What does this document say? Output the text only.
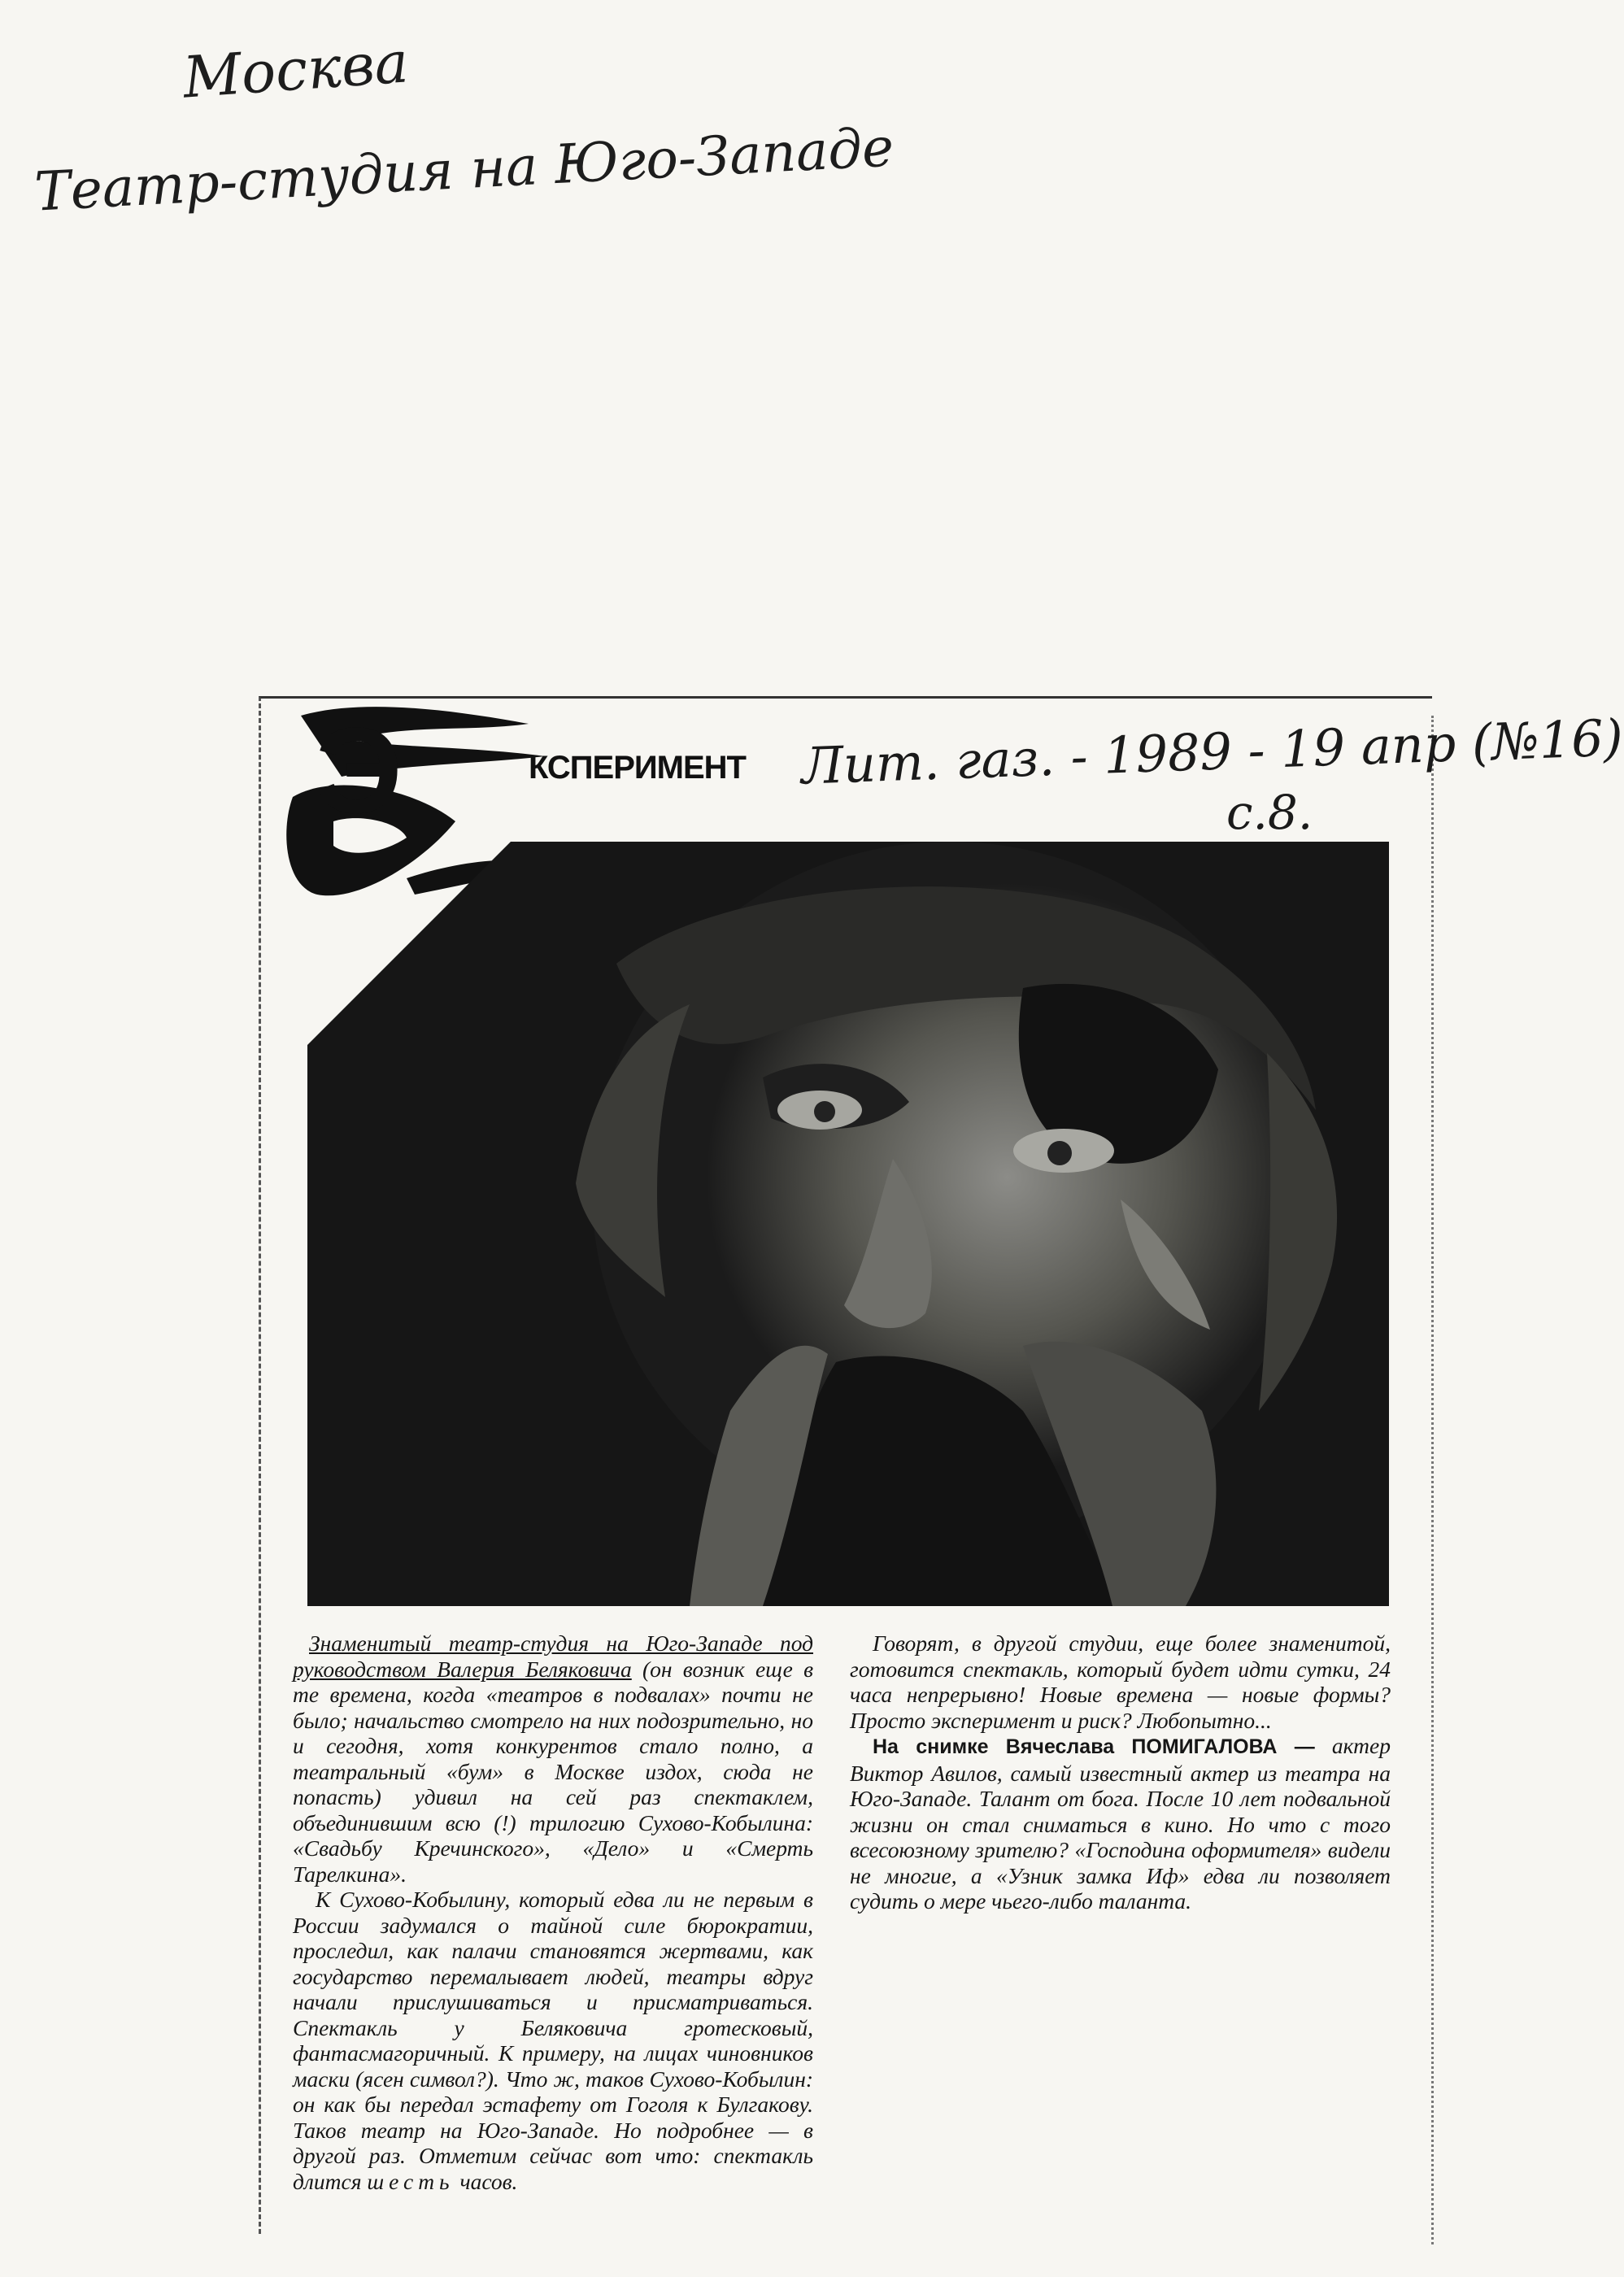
Москва
Театр-студия на Юго-Западе
Э	КСПЕРИМЕНТ Лит. газ. - 1989 - 19 апр (№16)
с.8.

Знаменитый театр-студия на Юго-Западе под руководством Валерия Беляковича (он возник еще в те времена, когда «театров в подвалах» почти не было; начальство смотрело на них подозрительно, но и сегодня, хотя конкурентов стало полно, а театральный «бум» в Москве издох, сюда не попасть) удивил на сей раз спектаклем, объединившим всю (!) трилогию Сухово-Кобылина: «Свадьбу Кречинского», «Дело» и «Смерть Тарелкина».

К Сухово-Кобылину, который едва ли не первым в России задумался о тайной силе бюрократии, проследил, как палачи становятся жертвами, как государство перемалывает людей, театры вдруг начали прислушиваться и присматриваться. Спектакль у Беляковича гротесковый, фантасмагоричный. К примеру, на лицах чиновников маски (ясен символ?). Что ж, таков Сухово-Кобылин: он как бы передал эстафету от Гоголя к Булгакову. Таков театр на Юго-Западе. Но подробнее — в другой раз. Отметим сейчас вот что: спектакль длится шесть часов.

Говорят, в другой студии, еще более знаменитой, готовится спектакль, который будет идти сутки, 24 часа непрерывно! Новые времена — новые формы? Просто эксперимент и риск? Любопытно...

На снимке Вячеслава ПОМИГАЛОВА — актер Виктор Авилов, самый известный актер из театра на Юго-Западе. Талант от бога. После 10 лет подвальной жизни он стал сниматься в кино. Но что с того всесоюзному зрителю? «Господина оформителя» видели не многие, а «Узник замка Иф» едва ли позволяет судить о мере чьего-либо таланта.
